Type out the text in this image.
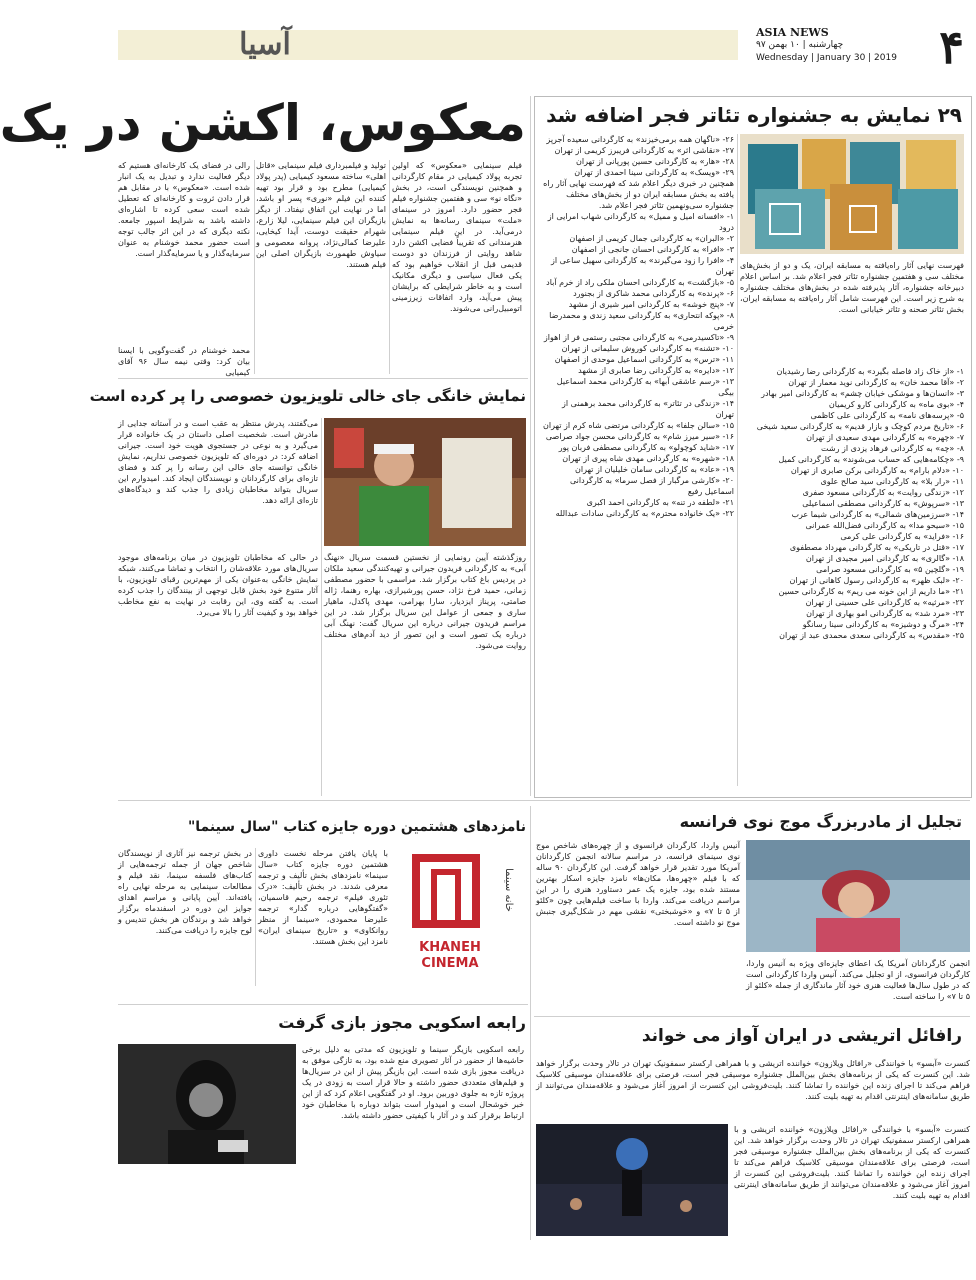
۴
ASIA NEWS
چهارشنبه | ۱۰ بهمن ۹۷
Wednesday | January 30 | 2019
آسیا
معکوس، اکشن در یک
فیلم سینمایی «معکوس» که اولین تجربه پولاد کیمیایی در مقام کارگردانی و همچنین نویسندگی است، در بخش «نگاه نو» سی و هفتمین جشنواره فیلم فجر حضور دارد. امروز در سینمای «ملت» سینمای رسانه‌ها به نمایش درمی‌آید. در این فیلم سینمایی هنرمندانی که تقریباً فضایی اکشن دارد شاهد روایتی از فرزندان دو دوست قدیمی قبل از انقلاب خواهیم بود که یکی فعال سیاسی و دیگری مکانیک است و به خاطر شرایطی که برایشان پیش می‌آید، وارد اتفاقات زیرزمینی اتومبیل‌رانی می‌شوند.
تولید و فیلمبرداری فیلم سینمایی «قاتل اهلی» ساخته مسعود کیمیایی (پدر پولاد کیمیایی) مطرح بود و قرار بود تهیه کننده این فیلم «نوری» پسر او باشد، اما در نهایت این اتفاق نیفتاد. از دیگر بازیگران این فیلم سینمایی، لیلا زارع، شهرام حقیقت دوست، آیدا کیخایی، علیرضا کمالی‌نژاد، پروانه معصومی و سیاوش طهمورث بازیگران اصلی این فیلم هستند.
رالی در فضای یک کارخانه‌ای هستیم که دیگر فعالیت ندارد و تبدیل به یک انبار شده است. «معکوس» با در مقابل هم قرار دادن ثروت و کارخانه‌ای که تعطیل شده است سعی کرده تا اشاره‌ای داشته باشد به شرایط اسپور جامعه. نکته دیگری که در این اثر جالب توجه است حضور محمد خوشنام به عنوان سرمایه‌گذار و یا سرمایه‌گذار است.
محمد خوشنام در گفت‌وگویی با ایسنا بیان کرد: وقتی نیمه سال ۹۶ آقای کیمیایی
۲۹ نمایش به جشنواره تئاتر فجر اضافه شد
فهرست نهایی آثار راه‌یافته به مسابقه ایران، یک و دو از بخش‌های مختلف سی و هفتمین جشنواره تئاتر فجر اعلام شد. بر اساس اعلام دبیرخانه جشنواره، آثار پذیرفته شده در بخش‌های مختلف جشنواره به شرح زیر است. این فهرست شامل آثار راه‌یافته به مسابقه ایران، بخش تئاتر صحنه و تئاتر خیابانی است.
۲۶- «ناگهان همه برمی‌خیزند» به کارگردانی سعیده آجرپز
۲۷- «نقاشی اثر» به کارگردانی فریبرز کریمی از تهران
۲۸- «هار» به کارگردانی حسین پورپانی از تهران
۲۹- «ویسک» به کارگردانی سینا احمدی از تهران
همچنین در خبری دیگر اعلام شد که فهرست نهایی آثار راه یافته به بخش مسابقه ایران دو از بخش‌های مختلف جشنواره سی‌ونهمین تئاتر فجر اعلام شد.
۱- «افسانه امیل و ممیل» به کارگردانی شهاب امرایی از درود
۲- «البران» به کارگردانی جمال کریمی از اصفهان
۳- «افرا» به کارگردانی احسان جانجی از اصفهان
۴- «افرا را زود می‌گیرند» به کارگردانی سهیل ساعی از تهران
۵- «بازگشت» به کارگردانی احسان ملکی راد از خرم آباد
۶- «پرنده» به کارگردانی محمد شاکری از بجنورد
۷- «پنج خوشه» به کارگردانی امیر شیری از مشهد
۸- «پوکه انتحاری» به کارگردانی سعید زندی و محمدرضا خرمی
۹- «تاکسیدرمی» به کارگردانی مجتبی رستمی فر از اهواز
۱۰- «تشنه» به کارگردانی کوروش سلیمانی از تهران
۱۱- «ترس» به کارگردانی اسماعیل موحدی از اصفهان
۱۲- «دایره» به کارگردانی رضا صابری از مشهد
۱۳- «رسم عاشقی آبها» به کارگردانی محمد اسماعیل بیگی
۱۴- «زندگی در تئاتر» به کارگردانی محمد برهمنی از تهران
۱۵- «سالن جلفا» به کارگردانی مرتضی شاه کرم از تهران
۱۶- «سیر میرز شام» به کارگردانی محسن جواد صراصی
۱۷- «شاید کوچولو» به کارگردانی مصطفی فربان پور
۱۸- «شهره» به کارگردانی مهدی شاه پیری از تهران
۱۹- «عاد» به کارگردانی سامان خلیلیان از تهران
۲۰- «کارشی مرگبار از فصل سرما» به کارگردانی اسماعیل رفیع
۲۱- «لطفه در تنه» به کارگردانی احمد اکبری
۲۲- «یک خانواده محترم» به کارگردانی سادات عبدالله
۱- «از خاک زاد فاصله بگیرد» به کارگردانی رضا رشیدیان
۲- «آقا محمد خان» به کارگردانی نوید معمار از تهران
۳- «انسان‌ها و موشکی خیابان چشم» به کارگردانی امیر بهادر
۴- «بوی ماه» به کارگردانی کارو کریمیان
۵- «پرسه‌های نامه» به کارگردانی علی کاظمی
۶- «تاریخ مردم کوچک و بازار قدیم» به کارگردانی سعید شیخی
۷- «چهره» به کارگردانی مهدی سعیدی از تهران
۸- «چه» به کارگردانی فرهاد یزدی از رشت
۹- «چکامه‌هایی که حساب می‌شوند» به کارگردانی کمیل
۱۰- «دلام بارام» به کارگردانی برکن صابری از تهران
۱۱- «رار بلا» به کارگردانی سید صالح علوی
۱۲- «زندگی روایت» به کارگردانی مسعود صفری
۱۳- «سرپوش» به کارگردانی مصطفی اسماعیلی
۱۴- «سرزمین‌های شمالی» به کارگردانی شیما عرب
۱۵- «سیحو مدا» به کارگردانی فضل‌الله عمرانی
۱۶- «فراید» به کارگردانی علی کرمی
۱۷- «قتل در تاریکی» به کارگردانی مهرداد مصطفوی
۱۸- «گالری» به کارگردانی امیر مجیدی از تهران
۱۹- «گلچین ۵» به کارگردانی مسعود صرامی
۲۰- «لبک ظهر» به کارگردانی رسول کاهانی از تهران
۲۱- «ما داریم از این خونه می ریم» به کارگردانی حسین
۲۲- «مرثیه» به کارگردانی علی حسینی از تهران
۲۳- «مرد شد» به کارگردانی امو بهاری از تهران
۲۴- «مرگ و دوشیزه» به کارگردانی سینا رسانگو
۲۵- «مقدس» به کارگردانی سعدی محمدی عبد از تهران
نمایش خانگی جای خالی تلویزیون خصوصی را پر کرده است
می‌گفتند، پدرش منتظر به عقب است و در آستانه جدایی از مادرش است. شخصیت اصلی داستان در یک خانواده قرار می‌گیرد و به نوعی در جستجوی هویت خود است. جیرانی اضافه کرد: در دوره‌ای که تلویزیون خصوصی نداریم، نمایش خانگی توانسته جای خالی این رسانه را پر کند و فضای تازه‌ای برای کارگردانان و نویسندگان ایجاد کند. امیدوارم این سریال بتواند مخاطبان زیادی را جذب کند و دیدگاه‌های تازه‌ای ارائه دهد.
روزگذشته آیین رونمایی از نخستین قسمت سریال «نهنگ آبی» به کارگردانی فریدون جیرانی و تهیه‌کنندگی سعید ملکان در پردیس باغ کتاب برگزار شد. مراسمی با حضور مصطفی زمانی، حمید فرخ نژاد، حسن پورشیرازی، بهاره رهنما، ژاله صامتی، پریناز ایزدیار، سارا بهرامی، مهدی پاکدل، ماهیار ساری و جمعی از عوامل این سریال برگزار شد. در این مراسم فریدون جیرانی درباره این سریال گفت: نهنگ آبی درباره یک تصور است و این تصور از دید آدم‌های مختلف روایت می‌شود.
در حالی که مخاطبان تلویزیون در میان برنامه‌های موجود سریال‌های مورد علاقه‌شان را انتخاب و تماشا می‌کنند، شبکه نمایش خانگی به‌عنوان یکی از مهم‌ترین رقبای تلویزیون، با آثار متنوع خود بخش قابل توجهی از بینندگان را جذب کرده است. به گفته وی، این رقابت در نهایت به نفع مخاطب خواهد بود و کیفیت آثار را بالا می‌برد.
تجلیل از مادربزرگ موج نوی فرانسه
آنیس واردا، کارگردان فرانسوی و از چهره‌های شاخص موج نوی سینمای فرانسه، در مراسم سالانه انجمن کارگردانان آمریکا مورد تقدیر قرار خواهد گرفت. این کارگردان ۹۰ ساله که با فیلم «چهره‌ها، مکان‌ها» نامزد جایزه اسکار بهترین مستند شده بود، جایزه یک عمر دستاورد هنری را در این مراسم دریافت می‌کند. واردا با ساخت فیلم‌هایی چون «کلئو از ۵ تا ۷» و «خوشبختی» نقشی مهم در شکل‌گیری جنبش موج نو داشته است.
انجمن کارگردانان آمریکا یک اعطای جایزه‌ای ویژه به آنیس واردا، کارگردان فرانسوی، از او تجلیل می‌کند. آنیس واردا کارگردانی است که در طول سال‌ها فعالیت هنری خود آثار ماندگاری از جمله «کلئو از ۵ تا ۷» را ساخته است.
نامزدهای هشتمین دوره جایزه کتاب "سال سینما"
KHANEH
CINEMA
خانه سینما
با پایان یافتن مرحله نخست داوری هشتمین دوره جایزه کتاب «سال سینما» نامزدهای بخش تألیف و ترجمه معرفی شدند. در بخش تألیف: «درک تئوری فیلم» ترجمه رحیم قاسمیان، «گفتگوهایی درباره گدار» ترجمه علیرضا محمودی، «سینما از منظر روانکاوی» و «تاریخ سینمای ایران» نامزد این بخش هستند.
در بخش ترجمه نیز آثاری از نویسندگان شاخص جهان از جمله ترجمه‌هایی از کتاب‌های فلسفه سینما، نقد فیلم و مطالعات سینمایی به مرحله نهایی راه یافته‌اند. آیین پایانی و مراسم اهدای جوایز این دوره در اسفندماه برگزار خواهد شد و برندگان هر بخش تندیس و لوح جایزه را دریافت می‌کنند.
رابعه اسکویی مجوز بازی گرفت
رابعه اسکویی بازیگر سینما و تلویزیون که مدتی به دلیل برخی حاشیه‌ها از حضور در آثار تصویری منع شده بود، به تازگی موفق به دریافت مجوز بازی شده است. این بازیگر پیش از این در سریال‌ها و فیلم‌های متعددی حضور داشته و حالا قرار است به زودی در یک پروژه تازه به جلوی دوربین برود. او در گفتگویی اعلام کرد که از این خبر خوشحال است و امیدوار است بتواند دوباره با مخاطبان خود ارتباط برقرار کند و در آثار با کیفیتی حضور داشته باشد.
رافائل اتریشی در ایران آواز می خواند
کنسرت «آبسو» با خوانندگی «رافائل ویلازون» خواننده اتریشی و با همراهی ارکستر سمفونیک تهران در تالار وحدت برگزار خواهد شد. این کنسرت که یکی از برنامه‌های بخش بین‌الملل جشنواره موسیقی فجر است، فرصتی برای علاقه‌مندان موسیقی کلاسیک فراهم می‌کند تا اجرای زنده این خواننده را تماشا کنند. بلیت‌فروشی این کنسرت از امروز آغاز می‌شود و علاقه‌مندان می‌توانند از طریق سامانه‌های اینترنتی اقدام به تهیه بلیت کنند.
کنسرت «آبسو» با خوانندگی «رافائل ویلازون» خواننده اتریشی و با همراهی ارکستر سمفونیک تهران در تالار وحدت برگزار خواهد شد. این کنسرت که یکی از برنامه‌های بخش بین‌الملل جشنواره موسیقی فجر است، فرصتی برای علاقه‌مندان موسیقی کلاسیک فراهم می‌کند تا اجرای زنده این خواننده را تماشا کنند. بلیت‌فروشی این کنسرت از امروز آغاز می‌شود و علاقه‌مندان می‌توانند از طریق سامانه‌های اینترنتی اقدام به تهیه بلیت کنند.
